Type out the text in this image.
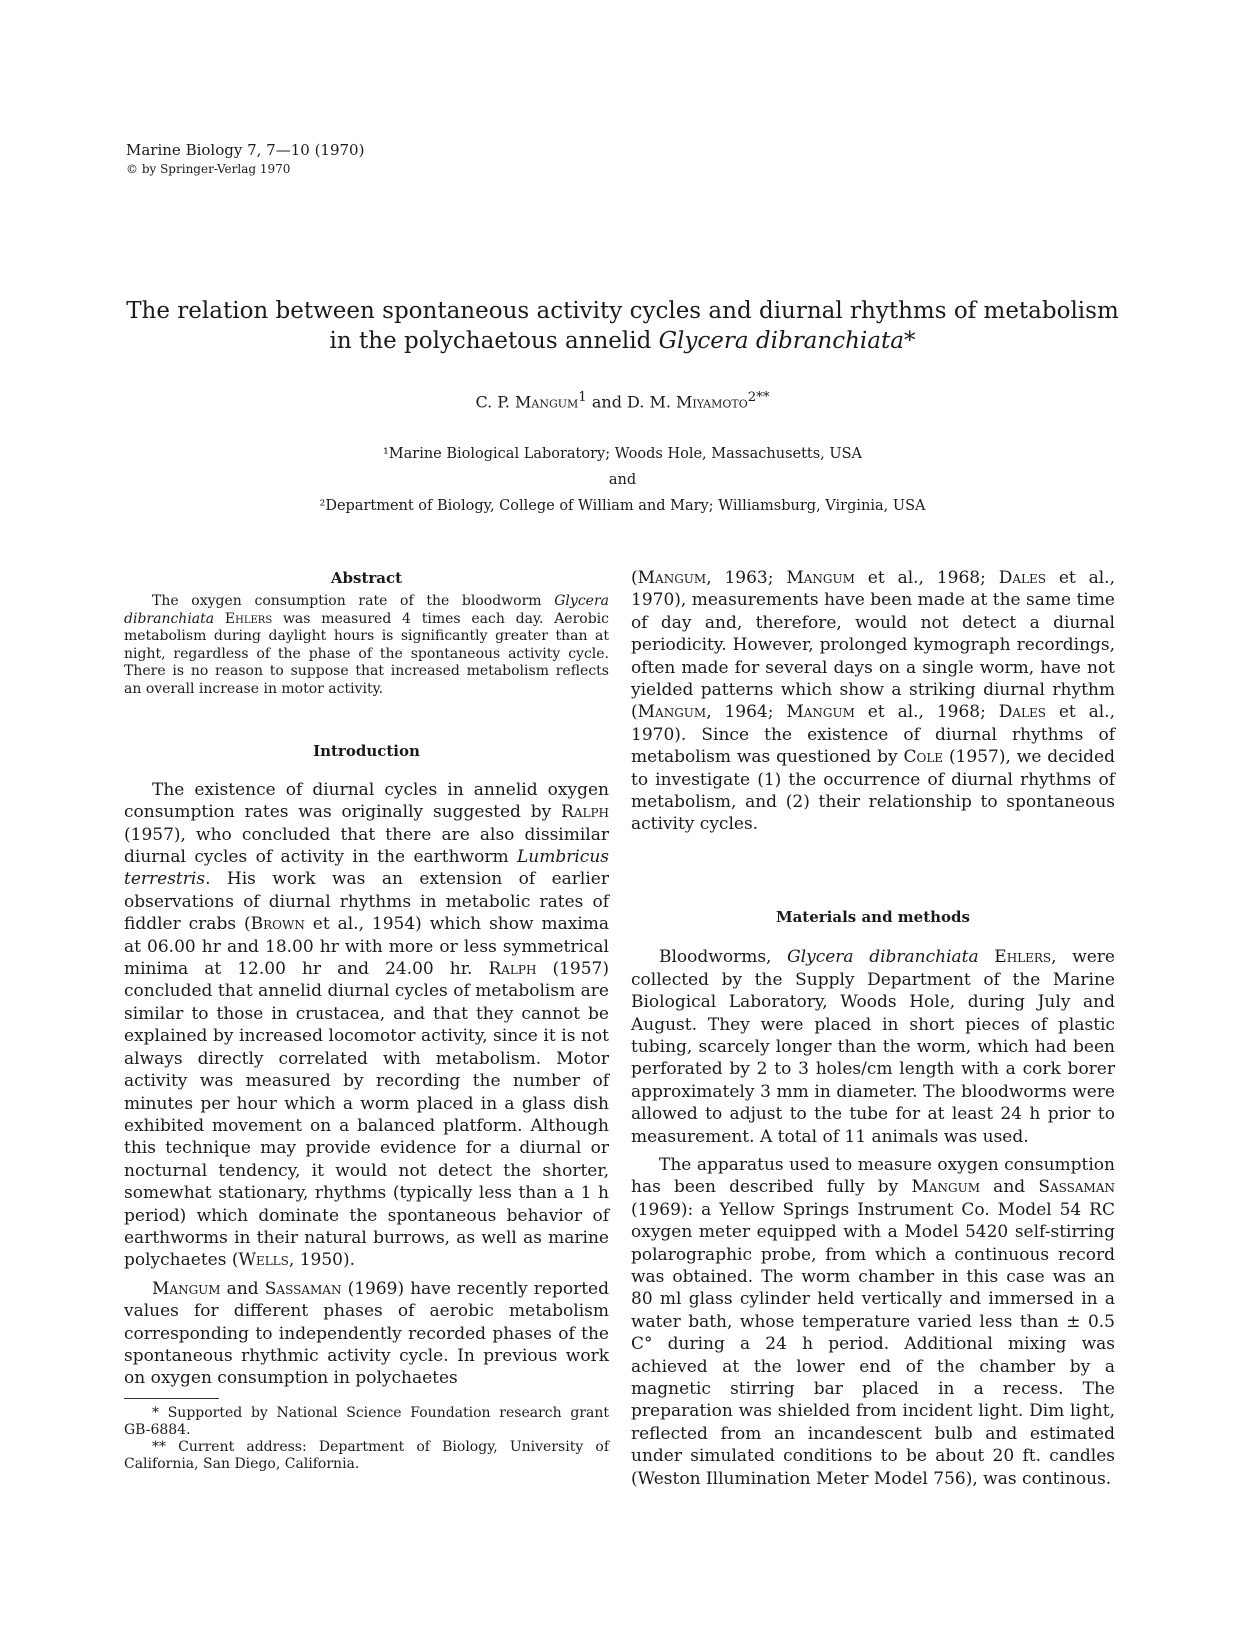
Marine Biology 7, 7—10 (1970)
© by Springer-Verlag 1970
The relation between spontaneous activity cycles and diurnal rhythms of metabolism
in the polychaetous annelid Glycera dibranchiata*
C. P. Mangum$^1$ and D. M. Miyamoto$^{2**}$
¹Marine Biological Laboratory; Woods Hole, Massachusetts, USA
and
²Department of Biology, College of William and Mary; Williamsburg, Virginia, USA
Abstract

The oxygen consumption rate of the bloodworm Glycera dibranchiata Ehlers was measured 4 times each day. Aerobic metabolism during daylight hours is significantly greater than at night, regardless of the phase of the spontaneous activity cycle. There is no reason to suppose that increased metabolism reflects an overall increase in motor activity.

Introduction

The existence of diurnal cycles in annelid oxygen consumption rates was originally suggested by Ralph (1957), who concluded that there are also dissimilar diurnal cycles of activity in the earthworm Lumbricus terrestris. His work was an extension of earlier observations of diurnal rhythms in metabolic rates of fiddler crabs (Brown et al., 1954) which show maxima at 06.00 hr and 18.00 hr with more or less symmetrical minima at 12.00 hr and 24.00 hr. Ralph (1957) concluded that annelid diurnal cycles of metabolism are similar to those in crustacea, and that they cannot be explained by increased locomotor activity, since it is not always directly correlated with metabolism. Motor activity was measured by recording the number of minutes per hour which a worm placed in a glass dish exhibited movement on a balanced platform. Although this technique may provide evidence for a diurnal or nocturnal tendency, it would not detect the shorter, somewhat stationary, rhythms (typically less than a 1 h period) which dominate the spontaneous behavior of earthworms in their natural burrows, as well as marine polychaetes (Wells, 1950).

Mangum and Sassaman (1969) have recently reported values for different phases of aerobic metabolism corresponding to independently recorded phases of the spontaneous rhythmic activity cycle. In previous work on oxygen consumption in polychaetes

* Supported by National Science Foundation research grant GB-6884.

** Current address: Department of Biology, University of California, San Diego, California.

(Mangum, 1963; Mangum et al., 1968; Dales et al., 1970), measurements have been made at the same time of day and, therefore, would not detect a diurnal periodicity. However, prolonged kymograph recordings, often made for several days on a single worm, have not yielded patterns which show a striking diurnal rhythm (Mangum, 1964; Mangum et al., 1968; Dales et al., 1970). Since the existence of diurnal rhythms of metabolism was questioned by Cole (1957), we decided to investigate (1) the occurrence of diurnal rhythms of metabolism, and (2) their relationship to spontaneous activity cycles.

Materials and methods

Bloodworms, Glycera dibranchiata Ehlers, were collected by the Supply Department of the Marine Biological Laboratory, Woods Hole, during July and August. They were placed in short pieces of plastic tubing, scarcely longer than the worm, which had been perforated by 2 to 3 holes/cm length with a cork borer approximately 3 mm in diameter. The bloodworms were allowed to adjust to the tube for at least 24 h prior to measurement. A total of 11 animals was used.

The apparatus used to measure oxygen consumption has been described fully by Mangum and Sassaman (1969): a Yellow Springs Instrument Co. Model 54 RC oxygen meter equipped with a Model 5420 self-stirring polarographic probe, from which a continuous record was obtained. The worm chamber in this case was an 80 ml glass cylinder held vertically and immersed in a water bath, whose temperature varied less than ± 0.5 C° during a 24 h period. Additional mixing was achieved at the lower end of the chamber by a magnetic stirring bar placed in a recess. The preparation was shielded from incident light. Dim light, reflected from an incandescent bulb and estimated under simulated conditions to be about 20 ft. candles (Weston Illumination Meter Model 756), was continous.
